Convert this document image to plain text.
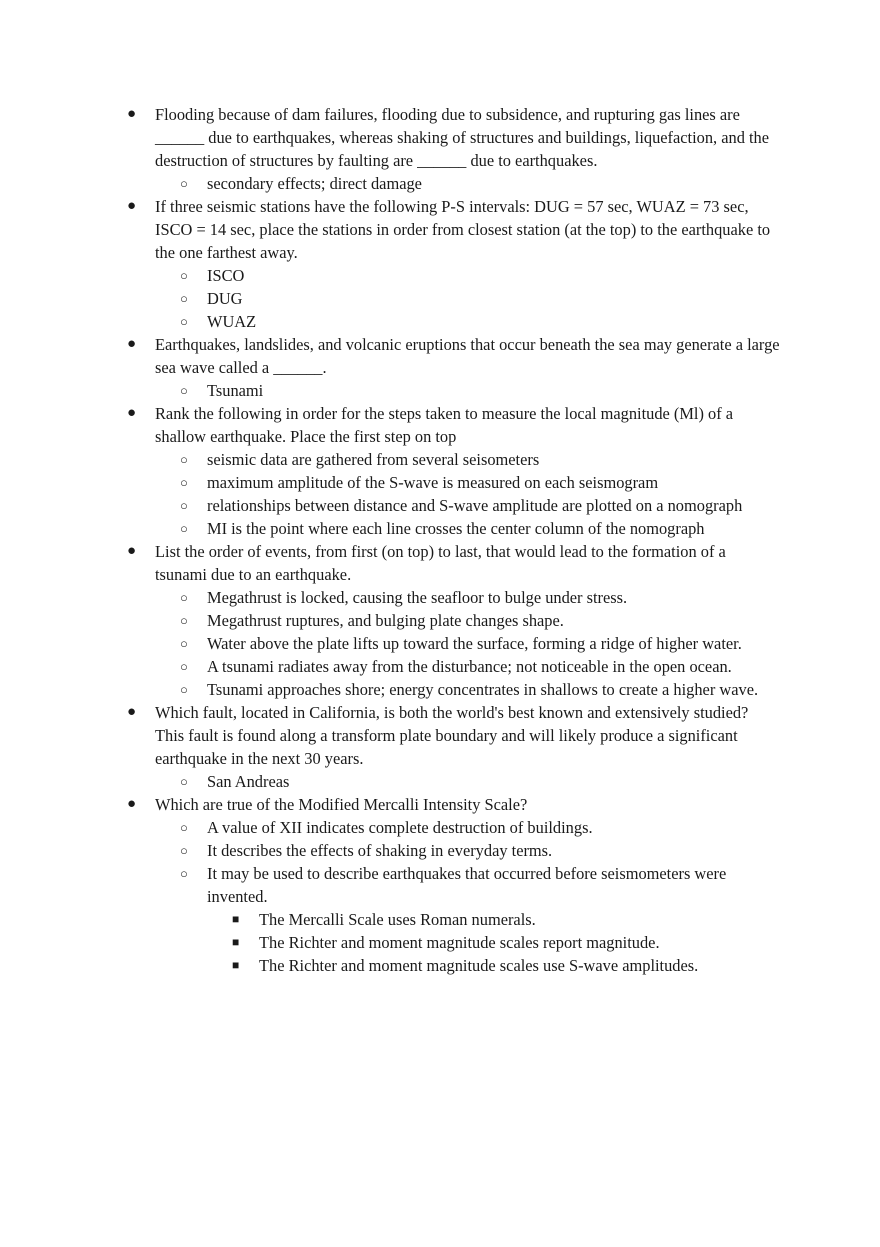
● Flooding because of dam failures, flooding due to subsidence, and rupturing gas lines are ______ due to earthquakes, whereas shaking of structures and buildings, liquefaction, and the destruction of structures by faulting are ______ due to earthquakes.
○ secondary effects; direct damage
● If three seismic stations have the following P-S intervals: DUG = 57 sec, WUAZ = 73 sec, ISCO = 14 sec, place the stations in order from closest station (at the top) to the earthquake to the one farthest away.
○ ISCO
○ DUG
○ WUAZ
● Earthquakes, landslides, and volcanic eruptions that occur beneath the sea may generate a large sea wave called a ______.
○ Tsunami
● Rank the following in order for the steps taken to measure the local magnitude (Ml) of a shallow earthquake. Place the first step on top
○ seismic data are gathered from several seisometers
○ maximum amplitude of the S-wave is measured on each seismogram
○ relationships between distance and S-wave amplitude are plotted on a nomograph
○ MI is the point where each line crosses the center column of the nomograph
● List the order of events, from first (on top) to last, that would lead to the formation of a tsunami due to an earthquake.
○ Megathrust is locked, causing the seafloor to bulge under stress.
○ Megathrust ruptures, and bulging plate changes shape.
○ Water above the plate lifts up toward the surface, forming a ridge of higher water.
○ A tsunami radiates away from the disturbance; not noticeable in the open ocean.
○ Tsunami approaches shore; energy concentrates in shallows to create a higher wave.
● Which fault, located in California, is both the world's best known and extensively studied? This fault is found along a transform plate boundary and will likely produce a significant earthquake in the next 30 years.
○ San Andreas
● Which are true of the Modified Mercalli Intensity Scale?
○ A value of XII indicates complete destruction of buildings.
○ It describes the effects of shaking in everyday terms.
○ It may be used to describe earthquakes that occurred before seismometers were invented.
■ The Mercalli Scale uses Roman numerals.
■ The Richter and moment magnitude scales report magnitude.
■ The Richter and moment magnitude scales use S-wave amplitudes.
